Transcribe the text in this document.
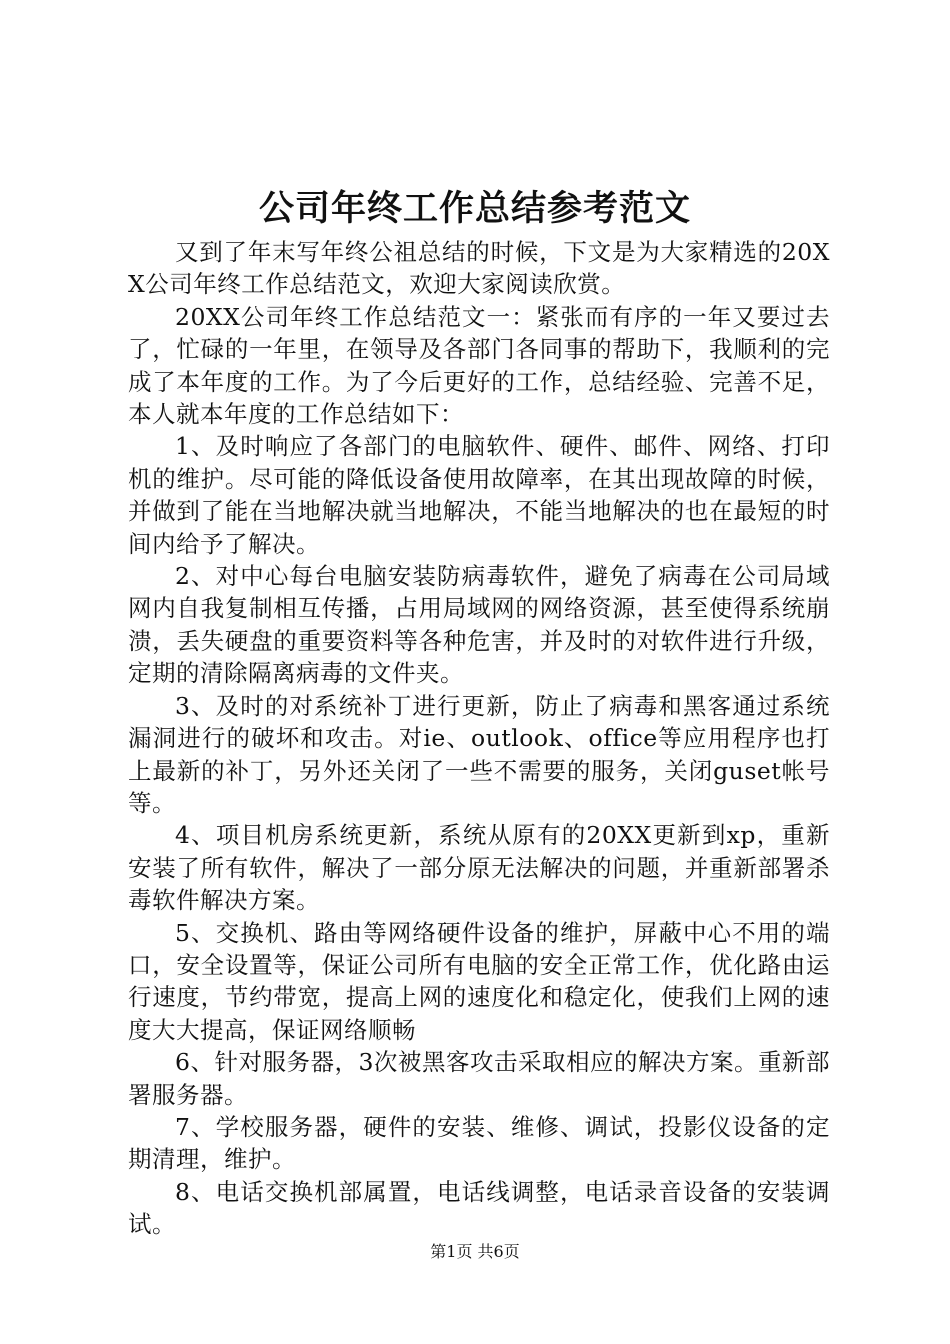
公司年终工作总结参考范文

又到了年末写年终公祖总结的时候，下文是为大家精选的20XX公司年终工作总结范文，欢迎大家阅读欣赏。

20XX公司年终工作总结范文一：紧张而有序的一年又要过去了，忙碌的一年里，在领导及各部门各同事的帮助下，我顺利的完成了本年度的工作。为了今后更好的工作，总结经验、完善不足，本人就本年度的工作总结如下：

1、及时响应了各部门的电脑软件、硬件、邮件、网络、打印机的维护。尽可能的降低设备使用故障率，在其出现故障的时候，并做到了能在当地解决就当地解决，不能当地解决的也在最短的时间内给予了解决。

2、对中心每台电脑安装防病毒软件，避免了病毒在公司局域网内自我复制相互传播，占用局域网的网络资源，甚至使得系统崩溃，丢失硬盘的重要资料等各种危害，并及时的对软件进行升级，定期的清除隔离病毒的文件夹。

3、及时的对系统补丁进行更新，防止了病毒和黑客通过系统漏洞进行的破坏和攻击。对ie、outlook、office等应用程序也打上最新的补丁，另外还关闭了一些不需要的服务，关闭guset帐号等。

4、项目机房系统更新，系统从原有的20XX更新到xp，重新安装了所有软件，解决了一部分原无法解决的问题，并重新部署杀毒软件解决方案。

5、交换机、路由等网络硬件设备的维护，屏蔽中心不用的端口，安全设置等，保证公司所有电脑的安全正常工作，优化路由运行速度，节约带宽，提高上网的速度化和稳定化，使我们上网的速度大大提高，保证网络顺畅

6、针对服务器，3次被黑客攻击采取相应的解决方案。重新部署服务器。

7、学校服务器，硬件的安装、维修、调试，投影仪设备的定期清理，维护。

8、电话交换机部属置，电话线调整，电话录音设备的安装调试。

第1页 共6页
